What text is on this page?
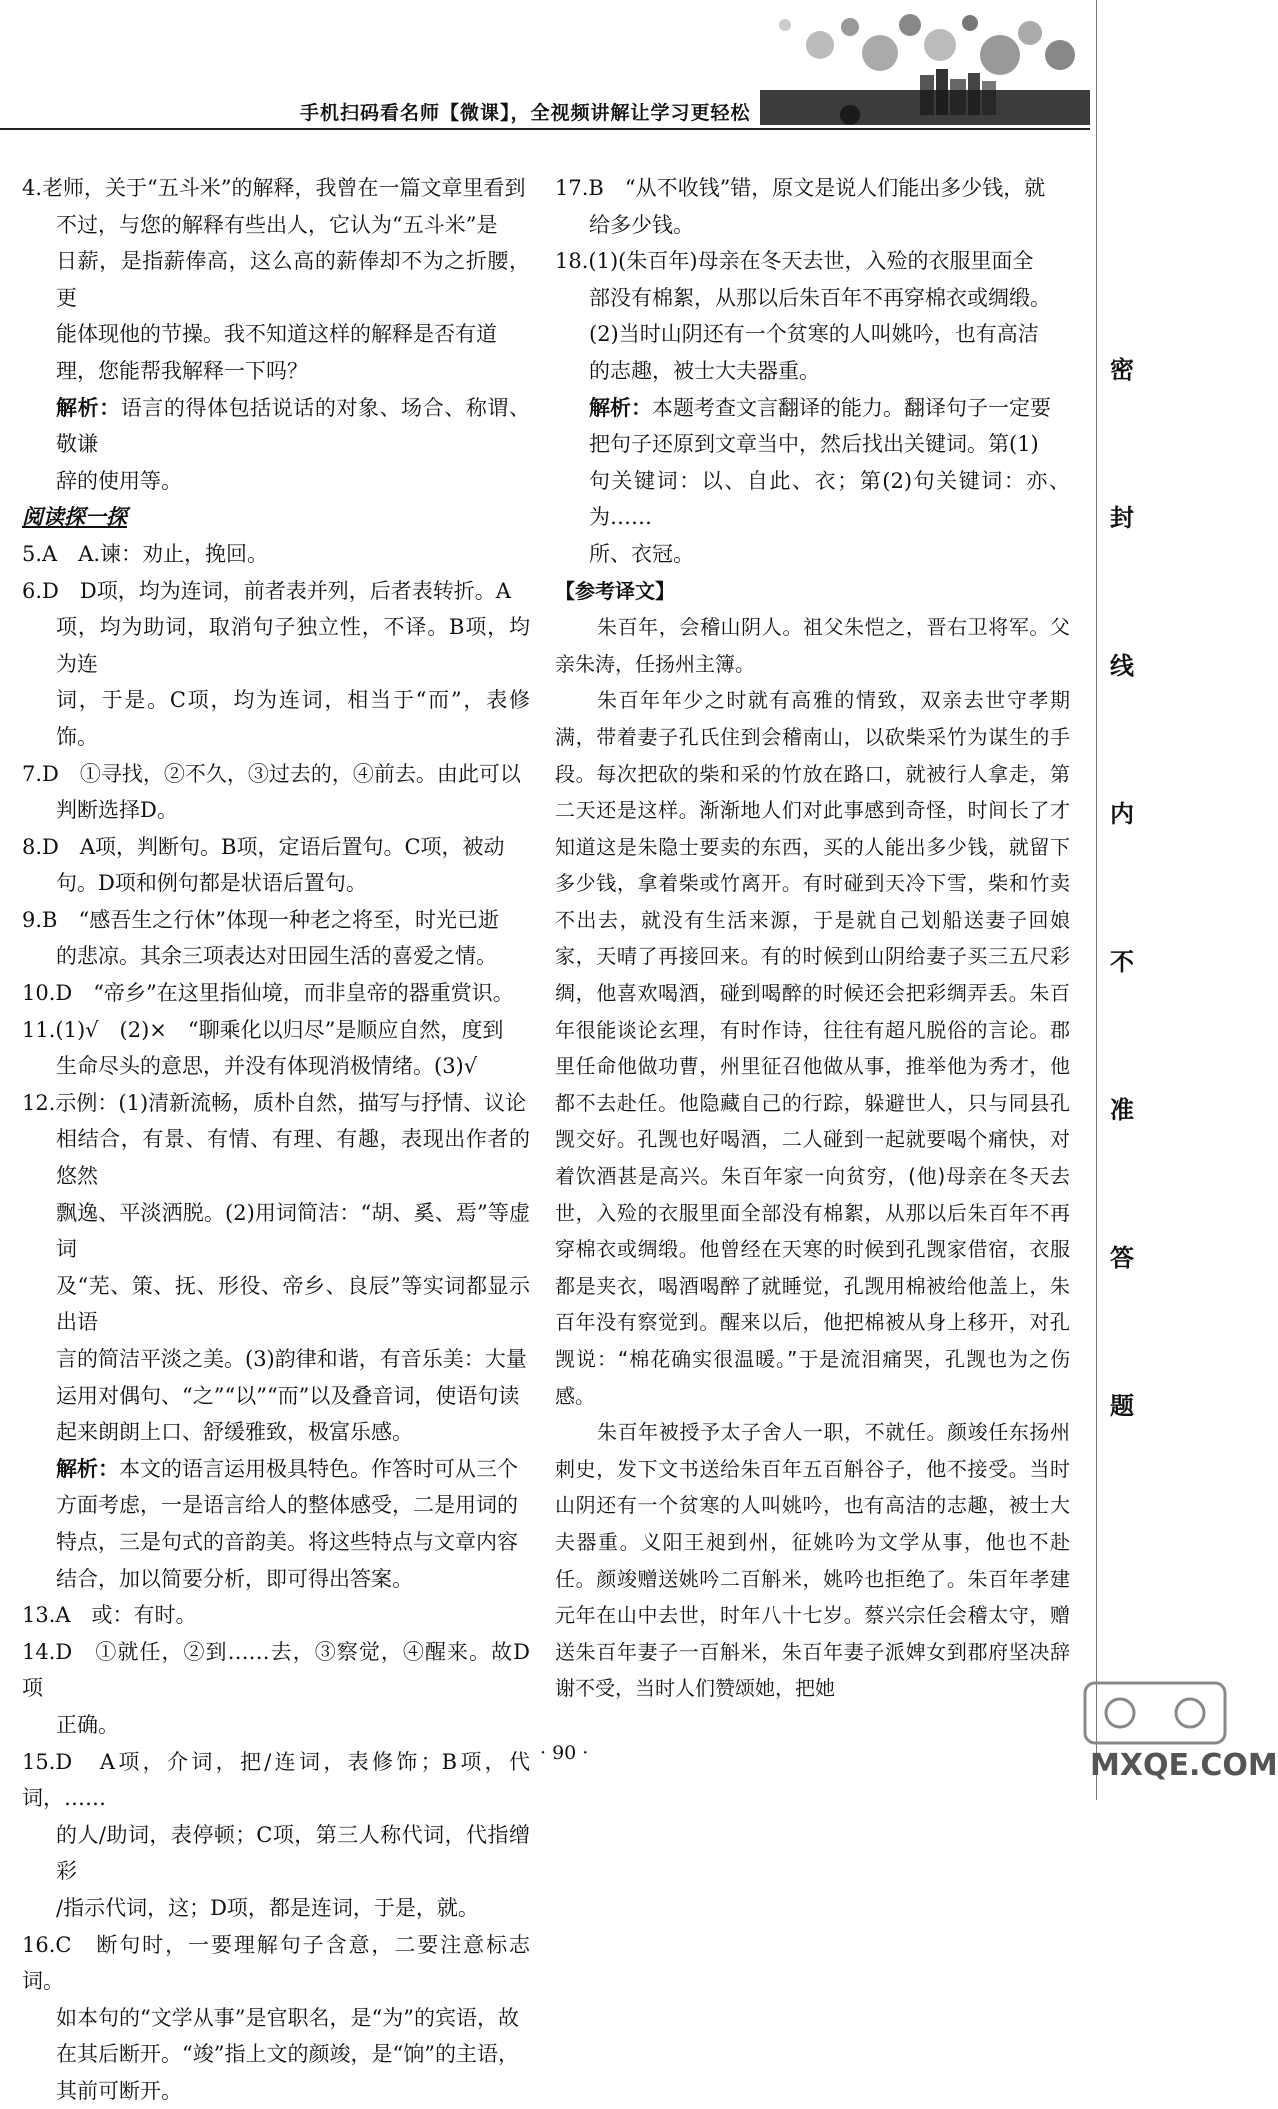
手机扫码看名师【微课】，全视频讲解让学习更轻松

4.老师，关于“五斗米”的解释，我曾在一篇文章里看到

不过，与您的解释有些出人，它认为“五斗米”是

日薪，是指薪俸高，这么高的薪俸却不为之折腰，更

能体现他的节操。我不知道这样的解释是否有道

理，您能帮我解释一下吗？

解析：语言的得体包括说话的对象、场合、称谓、敬谦

辞的使用等。

阅读探一探

5.A　A.谏：劝止，挽回。

6.D　D项，均为连词，前者表并列，后者表转折。A

项，均为助词，取消句子独立性，不译。B项，均为连

词，于是。C项，均为连词，相当于“而”，表修饰。

7.D　①寻找，②不久，③过去的，④前去。由此可以

判断选择D。

8.D　A项，判断句。B项，定语后置句。C项，被动

句。D项和例句都是状语后置句。

9.B　“感吾生之行休”体现一种老之将至，时光已逝

的悲凉。其余三项表达对田园生活的喜爱之情。

10.D　“帝乡”在这里指仙境，而非皇帝的器重赏识。

11.(1)√　(2)×　“聊乘化以归尽”是顺应自然，度到

生命尽头的意思，并没有体现消极情绪。(3)√

12.示例：(1)清新流畅，质朴自然，描写与抒情、议论

相结合，有景、有情、有理、有趣，表现出作者的悠然

飘逸、平淡洒脱。(2)用词简洁：“胡、奚、焉”等虚词

及“芜、策、抚、形役、帝乡、良辰”等实词都显示出语

言的简洁平淡之美。(3)韵律和谐，有音乐美：大量

运用对偶句、“之”“以”“而”以及叠音词，使语句读

起来朗朗上口、舒缓雅致，极富乐感。

解析：本文的语言运用极具特色。作答时可从三个

方面考虑，一是语言给人的整体感受，二是用词的

特点，三是句式的音韵美。将这些特点与文章内容

结合，加以简要分析，即可得出答案。

13.A　或：有时。

14.D　①就任，②到……去，③察觉，④醒来。故D项

正确。

15.D　A项，介词，把/连词，表修饰；B项，代词，……

的人/助词，表停顿；C项，第三人称代词，代指缯彩

/指示代词，这；D项，都是连词，于是，就。

16.C　断句时，一要理解句子含意，二要注意标志词。

如本句的“文学从事”是官职名，是“为”的宾语，故

在其后断开。“竣”指上文的颜竣，是“饷”的主语，

其前可断开。

17.B　“从不收钱”错，原文是说人们能出多少钱，就

给多少钱。

18.(1)(朱百年)母亲在冬天去世，入殓的衣服里面全

部没有棉絮，从那以后朱百年不再穿棉衣或绸缎。

(2)当时山阴还有一个贫寒的人叫姚吟，也有高洁

的志趣，被士大夫器重。

解析：本题考查文言翻译的能力。翻译句子一定要

把句子还原到文章当中，然后找出关键词。第(1)

句关键词：以、自此、衣；第(2)句关键词：亦、为……

所、衣冠。

【参考译文】

朱百年，会稽山阴人。祖父朱恺之，晋右卫将军。父亲朱涛，任扬州主簿。

朱百年年少之时就有高雅的情致，双亲去世守孝期满，带着妻子孔氏住到会稽南山，以砍柴采竹为谋生的手段。每次把砍的柴和采的竹放在路口，就被行人拿走，第二天还是这样。渐渐地人们对此事感到奇怪，时间长了才知道这是朱隐士要卖的东西，买的人能出多少钱，就留下多少钱，拿着柴或竹离开。有时碰到天冷下雪，柴和竹卖不出去，就没有生活来源，于是就自己划船送妻子回娘家，天晴了再接回来。有的时候到山阴给妻子买三五尺彩绸，他喜欢喝酒，碰到喝醉的时候还会把彩绸弄丢。朱百年很能谈论玄理，有时作诗，往往有超凡脱俗的言论。郡里任命他做功曹，州里征召他做从事，推举他为秀才，他都不去赴任。他隐藏自己的行踪，躲避世人，只与同县孔觊交好。孔觊也好喝酒，二人碰到一起就要喝个痛快，对着饮酒甚是高兴。朱百年家一向贫穷，(他)母亲在冬天去世，入殓的衣服里面全部没有棉絮，从那以后朱百年不再穿棉衣或绸缎。他曾经在天寒的时候到孔觊家借宿，衣服都是夹衣，喝酒喝醉了就睡觉，孔觊用棉被给他盖上，朱百年没有察觉到。醒来以后，他把棉被从身上移开，对孔觊说：“棉花确实很温暖。”于是流泪痛哭，孔觊也为之伤感。

朱百年被授予太子舍人一职，不就任。颜竣任东扬州刺史，发下文书送给朱百年五百斛谷子，他不接受。当时山阴还有一个贫寒的人叫姚吟，也有高洁的志趣，被士大夫器重。义阳王昶到州，征姚吟为文学从事，他也不赴任。颜竣赠送姚吟二百斛米，姚吟也拒绝了。朱百年孝建元年在山中去世，时年八十七岁。蔡兴宗任会稽太守，赠送朱百年妻子一百斛米，朱百年妻子派婢女到郡府坚决辞谢不受，当时人们赞颂她，把她

密
封
线
内
不
准
答
题
· 90 ·	MXQE.COM
